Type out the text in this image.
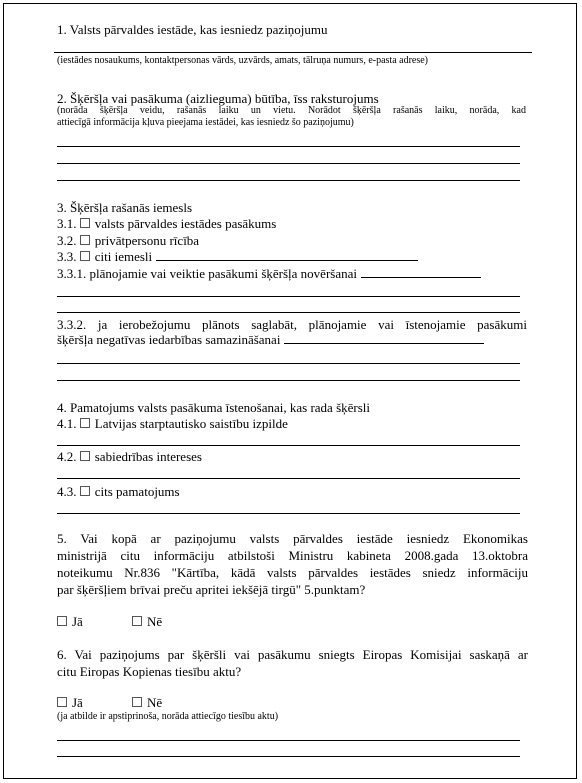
1. Valsts pārvaldes iestāde, kas iesniedz paziņojumu
(iestādes nosaukums, kontaktpersonas vārds, uzvārds, amats, tālruņa numurs, e-pasta adrese)
2. Šķēršļa vai pasākuma (aizlieguma) būtība, īss raksturojums
(norāda šķēršļa veidu, rašanās laiku un vietu. Norādot šķēršļa rašanās laiku, norāda, kad
attiecīgā informācija kļuva pieejama iestādei, kas iesniedz šo paziņojumu)
3. Šķēršļa rašanās iemesls
3.1. valsts pārvaldes iestādes pasākums
3.2. privātpersonu rīcība
3.3. citi iemesli
3.3.1. plānojamie vai veiktie pasākumi šķēršļa novēršanai
3.3.2. ja ierobežojumu plānots saglabāt, plānojamie vai īstenojamie pasākumi
šķēršļa negatīvas iedarbības samazināšanai
4. Pamatojums valsts pasākuma īstenošanai, kas rada šķērsli
4.1. Latvijas starptautisko saistību izpilde
4.2. sabiedrības intereses
4.3. cits pamatojums
5. Vai kopā ar paziņojumu valsts pārvaldes iestāde iesniedz Ekonomikas
ministrijā citu informāciju atbilstoši Ministru kabineta 2008.gada 13.oktobra
noteikumu Nr.836 "Kārtība, kādā valsts pārvaldes iestādes sniedz informāciju
par šķēršļiem brīvai preču apritei iekšējā tirgū" 5.punktam?
Jā	Nē
6. Vai paziņojums par šķēršli vai pasākumu sniegts Eiropas Komisijai saskaņā ar
citu Eiropas Kopienas tiesību aktu?
Jā	Nē
(ja atbilde ir apstiprinoša, norāda attiecīgo tiesību aktu)
